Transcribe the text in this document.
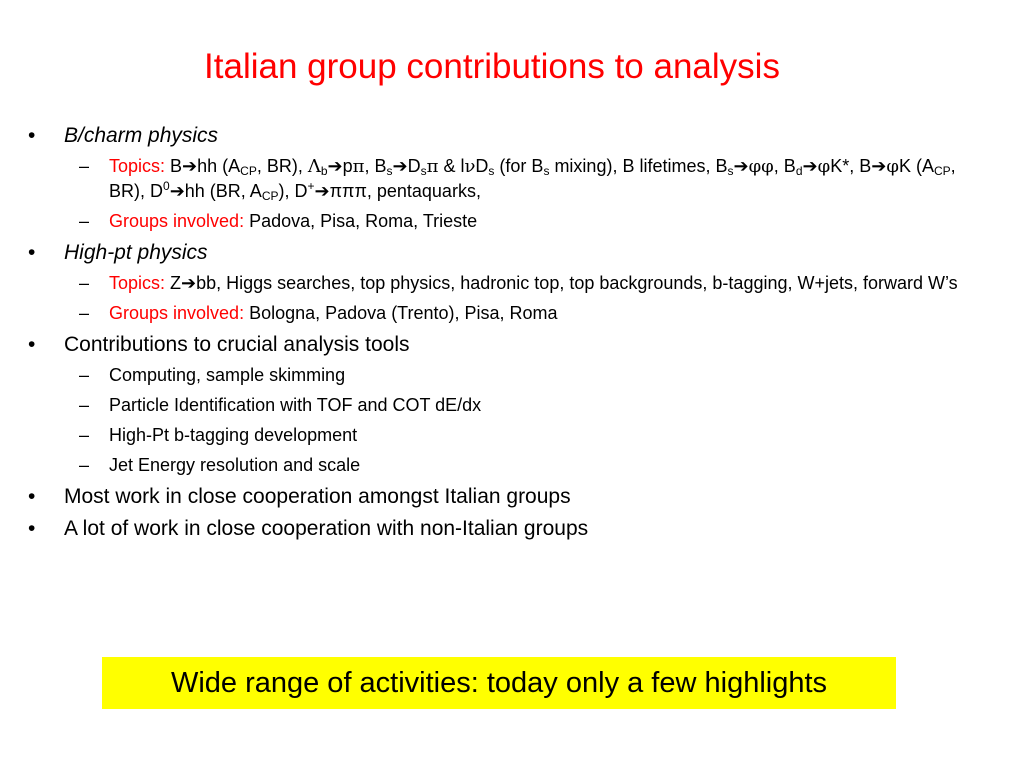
Italian group contributions to analysis
• B/charm physics
– Topics: B➔hh ($A_{CP}$, BR), $\Lambda_b➔p\pi$, $B_s➔D_s\pi$ & lνD$_s$ (for $B_s$ mixing), B lifetimes, $B_s➔\varphi\varphi$, $B_d➔\varphi K*$, B➔φK ($A_{CP}$, BR), $D^0➔hh$ (BR, $A_{CP}$), D+➔πππ, pentaquarks,
– Groups involved: Padova, Pisa, Roma, Trieste
• High-pt physics
– Topics: Z➔bb, Higgs searches, top physics, hadronic top, top backgrounds, b-tagging, W+jets, forward W’s
– Groups involved: Bologna, Padova (Trento), Pisa, Roma
• Contributions to crucial analysis tools
– Computing, sample skimming
– Particle Identification with TOF and COT dE/dx
– High-Pt b-tagging development
– Jet Energy resolution and scale
• Most work in close cooperation amongst Italian groups
• A lot of work in close cooperation with non-Italian groups
Wide range of activities: today only a few highlights
